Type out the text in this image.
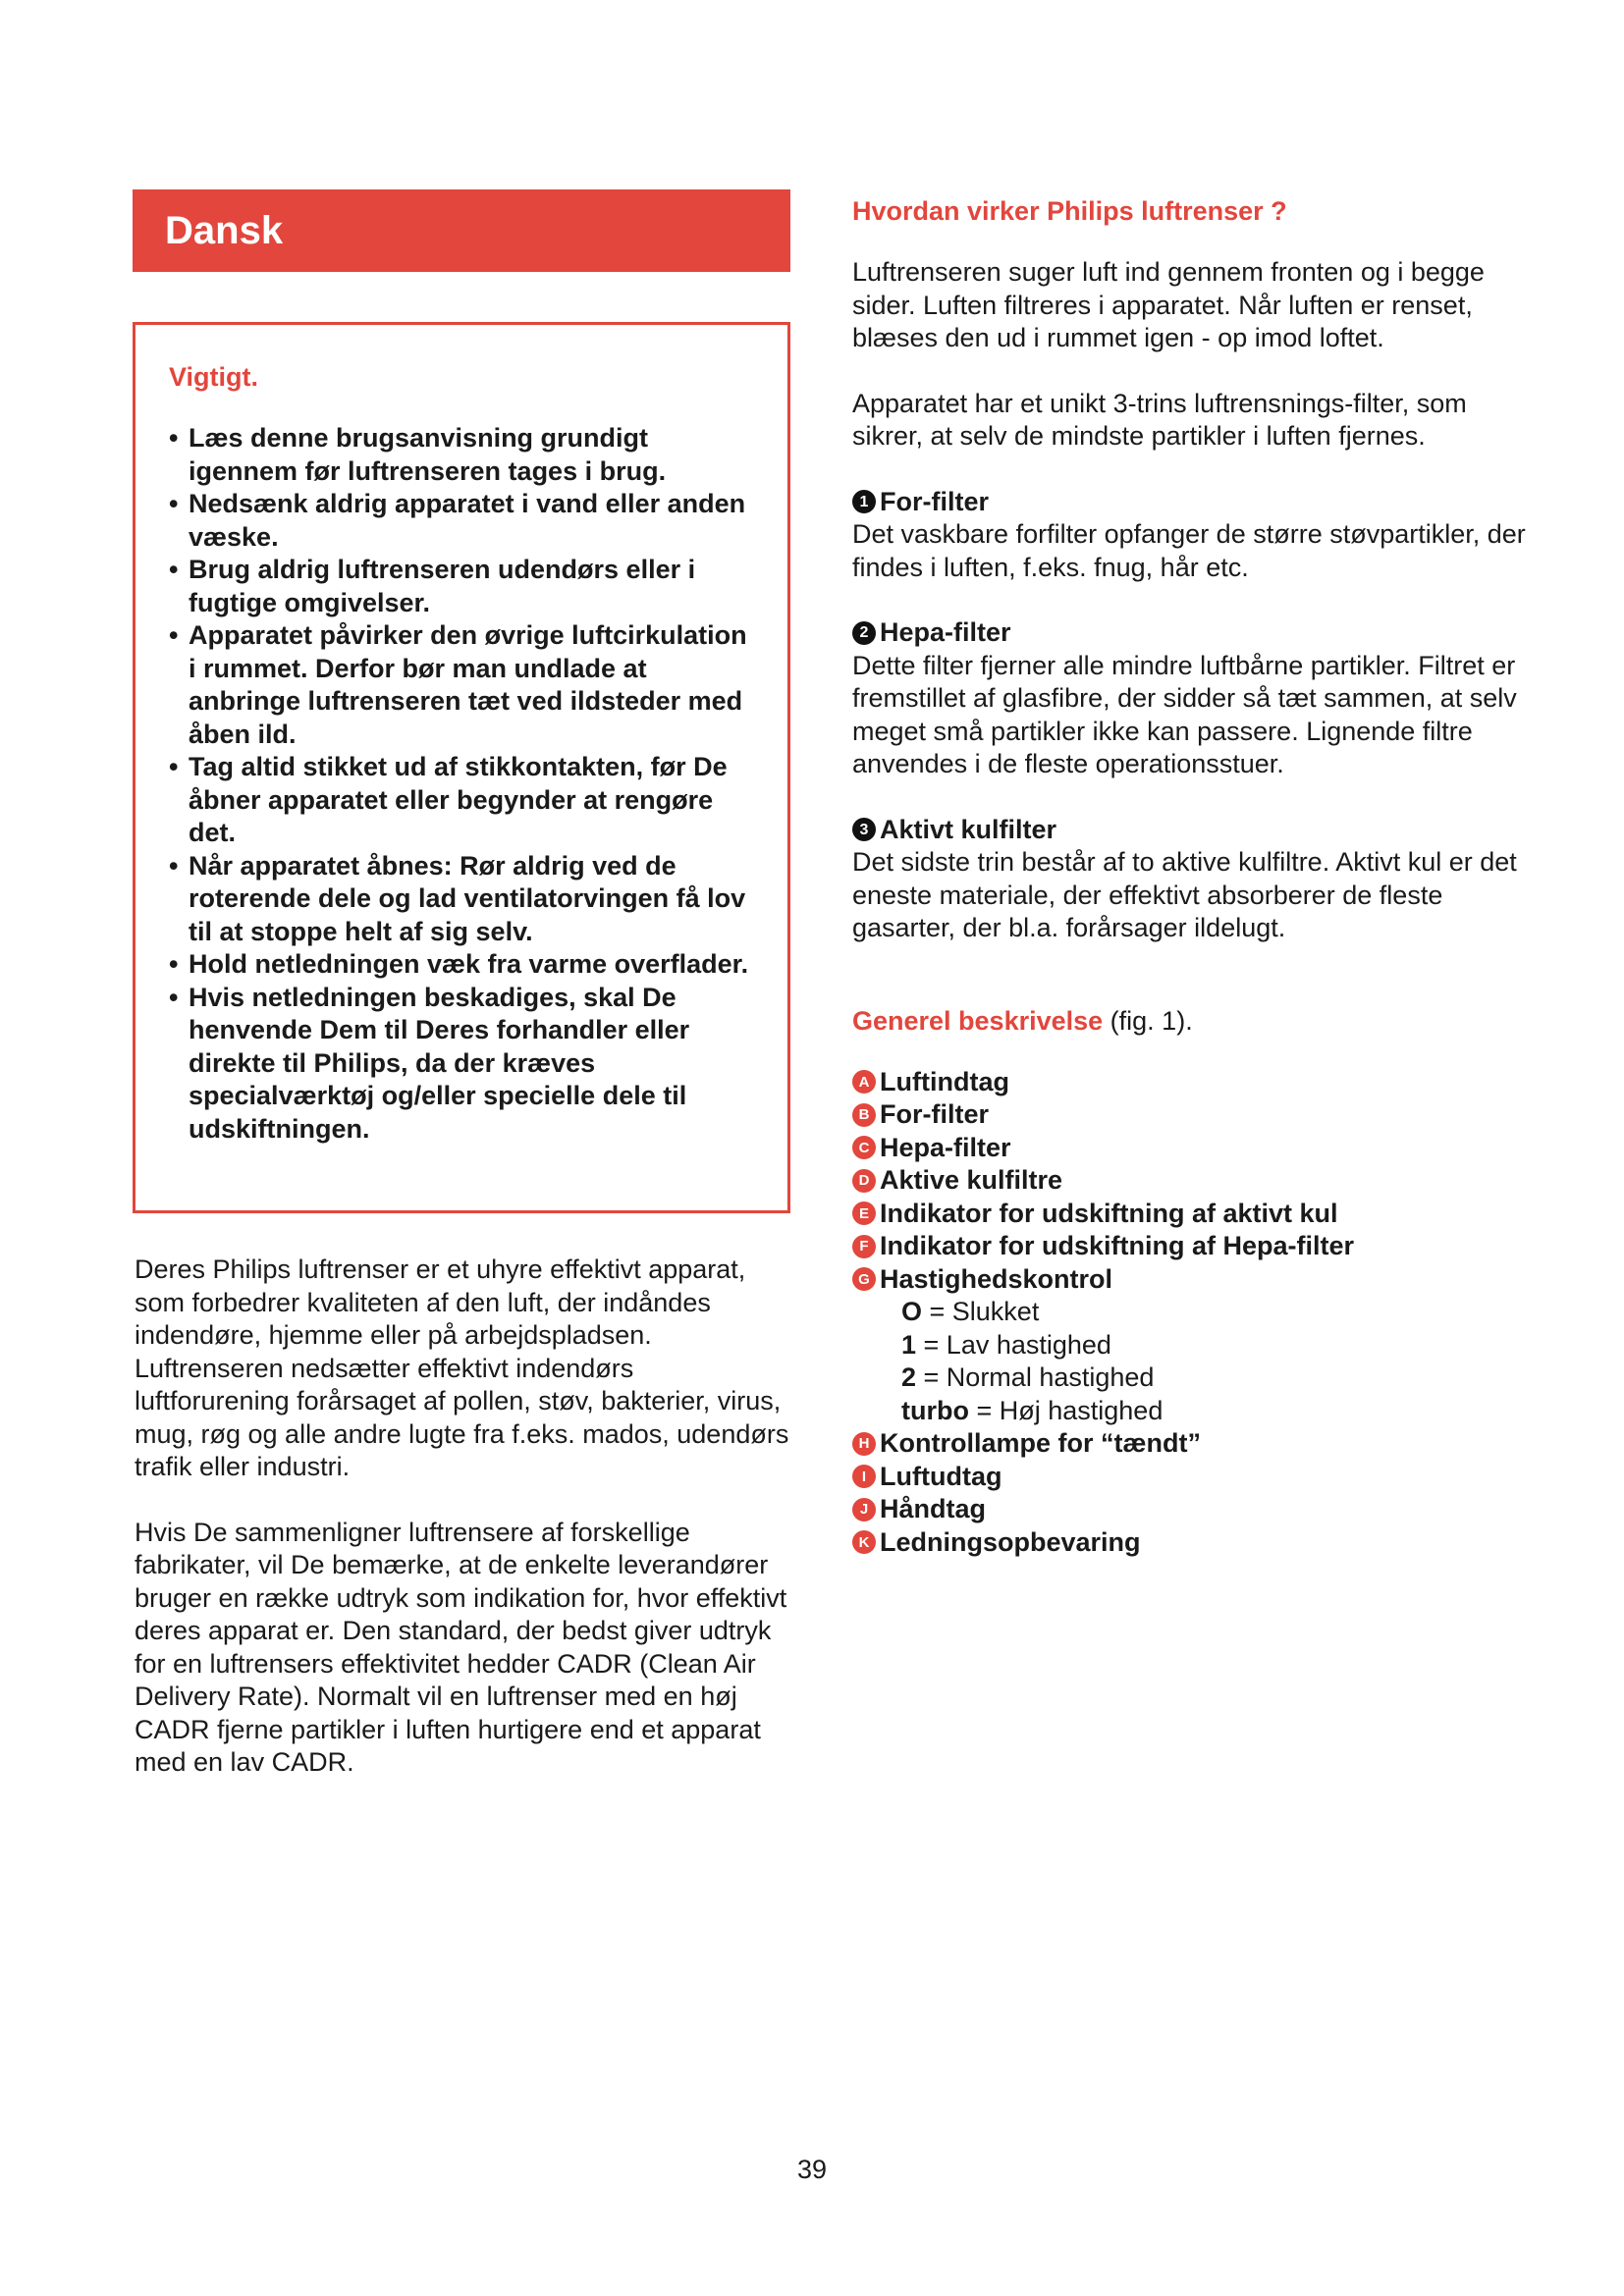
Dansk

Vigtigt.

• Læs denne brugsanvisning grundigt igennem før luftrenseren tages i brug.
• Nedsænk aldrig apparatet i vand eller anden væske.
• Brug aldrig luftrenseren udendørs eller i fugtige omgivelser.
• Apparatet påvirker den øvrige luftcirkulation i rummet. Derfor bør man undlade at anbringe luftrenseren tæt ved ildsteder med åben ild.
• Tag altid stikket ud af stikkontakten, før De åbner apparatet eller begynder at rengøre det.
• Når apparatet åbnes: Rør aldrig ved de roterende dele og lad ventilatorvingen få lov til at stoppe helt af sig selv.
• Hold netledningen væk fra varme overflader.
• Hvis netledningen beskadiges, skal De henvende Dem til Deres forhandler eller direkte til Philips, da der kræves specialværktøj og/eller specielle dele til udskiftningen.

Deres Philips luftrenser er et uhyre effektivt apparat, som forbedrer kvaliteten af den luft, der indåndes indendøre, hjemme eller på arbejdspladsen. Luftrenseren nedsætter effektivt indendørs luftforurening forårsaget af pollen, støv, bakterier, virus, mug, røg og alle andre lugte fra f.eks. mados, udendørs trafik eller industri.

Hvis De sammenligner luftrensere af forskellige fabrikater, vil De bemærke, at de enkelte leverandører bruger en række udtryk som indikation for, hvor effektivt deres apparat er. Den standard, der bedst giver udtryk for en luftrensers effektivitet hedder CADR (Clean Air Delivery Rate). Normalt vil en luftrenser med en høj CADR fjerne partikler i luften hurtigere end et apparat med en lav CADR.

Hvordan virker Philips luftrenser ?

Luftrenseren suger luft ind gennem fronten og i begge sider. Luften filtreres i apparatet. Når luften er renset, blæses den ud i rummet igen - op imod loftet.

Apparatet har et unikt 3-trins luftrensnings-filter, som sikrer, at selv de mindste partikler i luften fjernes.

1 For-filter

Det vaskbare forfilter opfanger de større støvpartikler, der findes i luften, f.eks. fnug, hår etc.

2 Hepa-filter

Dette filter fjerner alle mindre luftbårne partikler. Filtret er fremstillet af glasfibre, der sidder så tæt sammen, at selv meget små partikler ikke kan passere. Lignende filtre anvendes i de fleste operationsstuer.

3 Aktivt kulfilter

Det sidste trin består af to aktive kulfiltre. Aktivt kul er det eneste materiale, der effektivt absorberer de fleste gasarter, der bl.a. forårsager ildelugt.

Generel beskrivelse (fig. 1).

A Luftindtag
B For-filter
C Hepa-filter
D Aktive kulfiltre
E Indikator for udskiftning af aktivt kul
F Indikator for udskiftning af Hepa-filter
G Hastighedskontrol
O = Slukket
1 = Lav hastighed
2 = Normal hastighed
turbo = Høj hastighed
H Kontrollampe for “tændt”
I Luftudtag
J Håndtag
K Ledningsopbevaring
39
